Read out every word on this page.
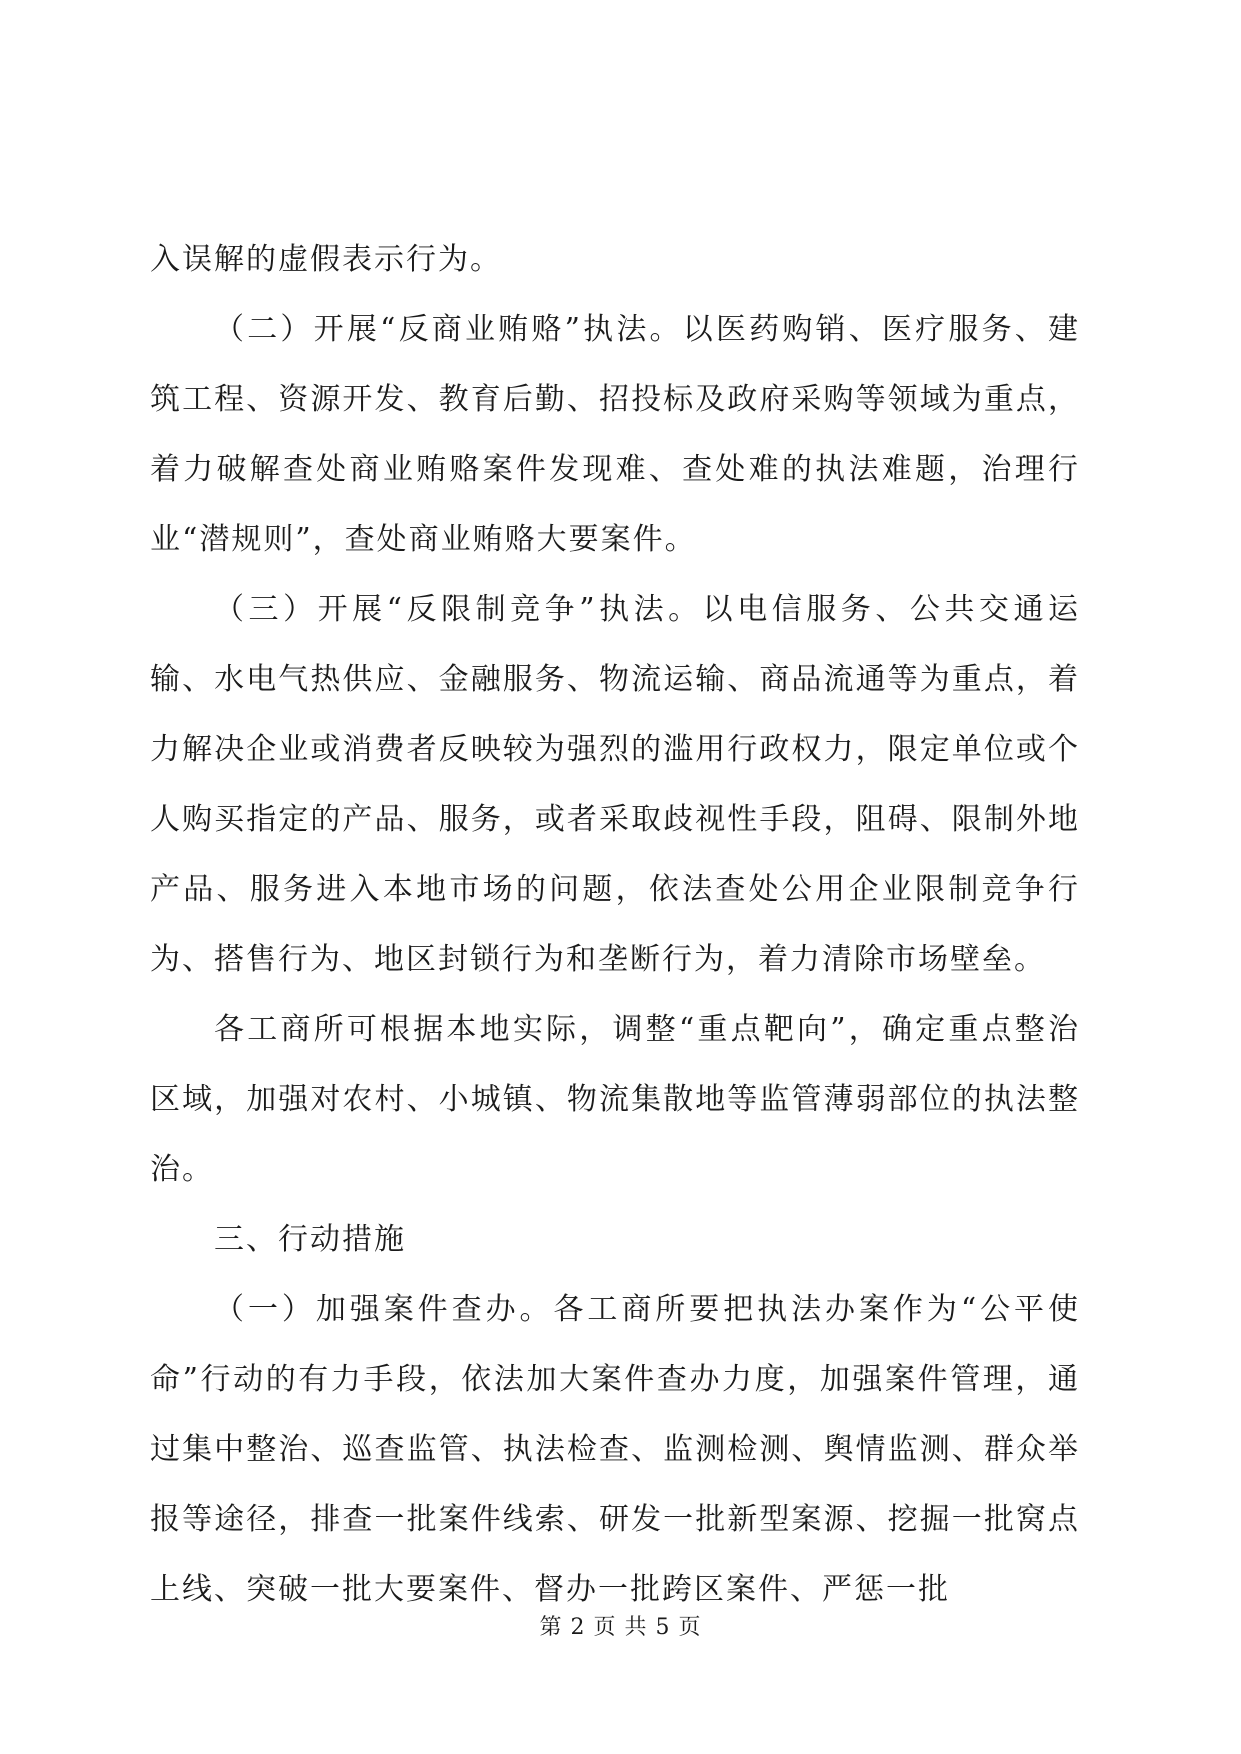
入误解的虚假表示行为。

（二）开展“反商业贿赂”执法。以医药购销、医疗服务、建筑工程、资源开发、教育后勤、招投标及政府采购等领域为重点，着力破解查处商业贿赂案件发现难、查处难的执法难题，治理行业“潜规则”，查处商业贿赂大要案件。

（三）开展“反限制竞争”执法。以电信服务、公共交通运输、水电气热供应、金融服务、物流运输、商品流通等为重点，着力解决企业或消费者反映较为强烈的滥用行政权力，限定单位或个人购买指定的产品、服务，或者采取歧视性手段，阻碍、限制外地产品、服务进入本地市场的问题，依法查处公用企业限制竞争行为、搭售行为、地区封锁行为和垄断行为，着力清除市场壁垒。

各工商所可根据本地实际，调整“重点靶向”，确定重点整治区域，加强对农村、小城镇、物流集散地等监管薄弱部位的执法整治。

三、行动措施

（一）加强案件查办。各工商所要把执法办案作为“公平使命”行动的有力手段，依法加大案件查办力度，加强案件管理，通过集中整治、巡查监管、执法检查、监测检测、舆情监测、群众举报等途径，排查一批案件线索、研发一批新型案源、挖掘一批窝点上线、突破一批大要案件、督办一批跨区案件、严惩一批

第 2 页 共 5 页
